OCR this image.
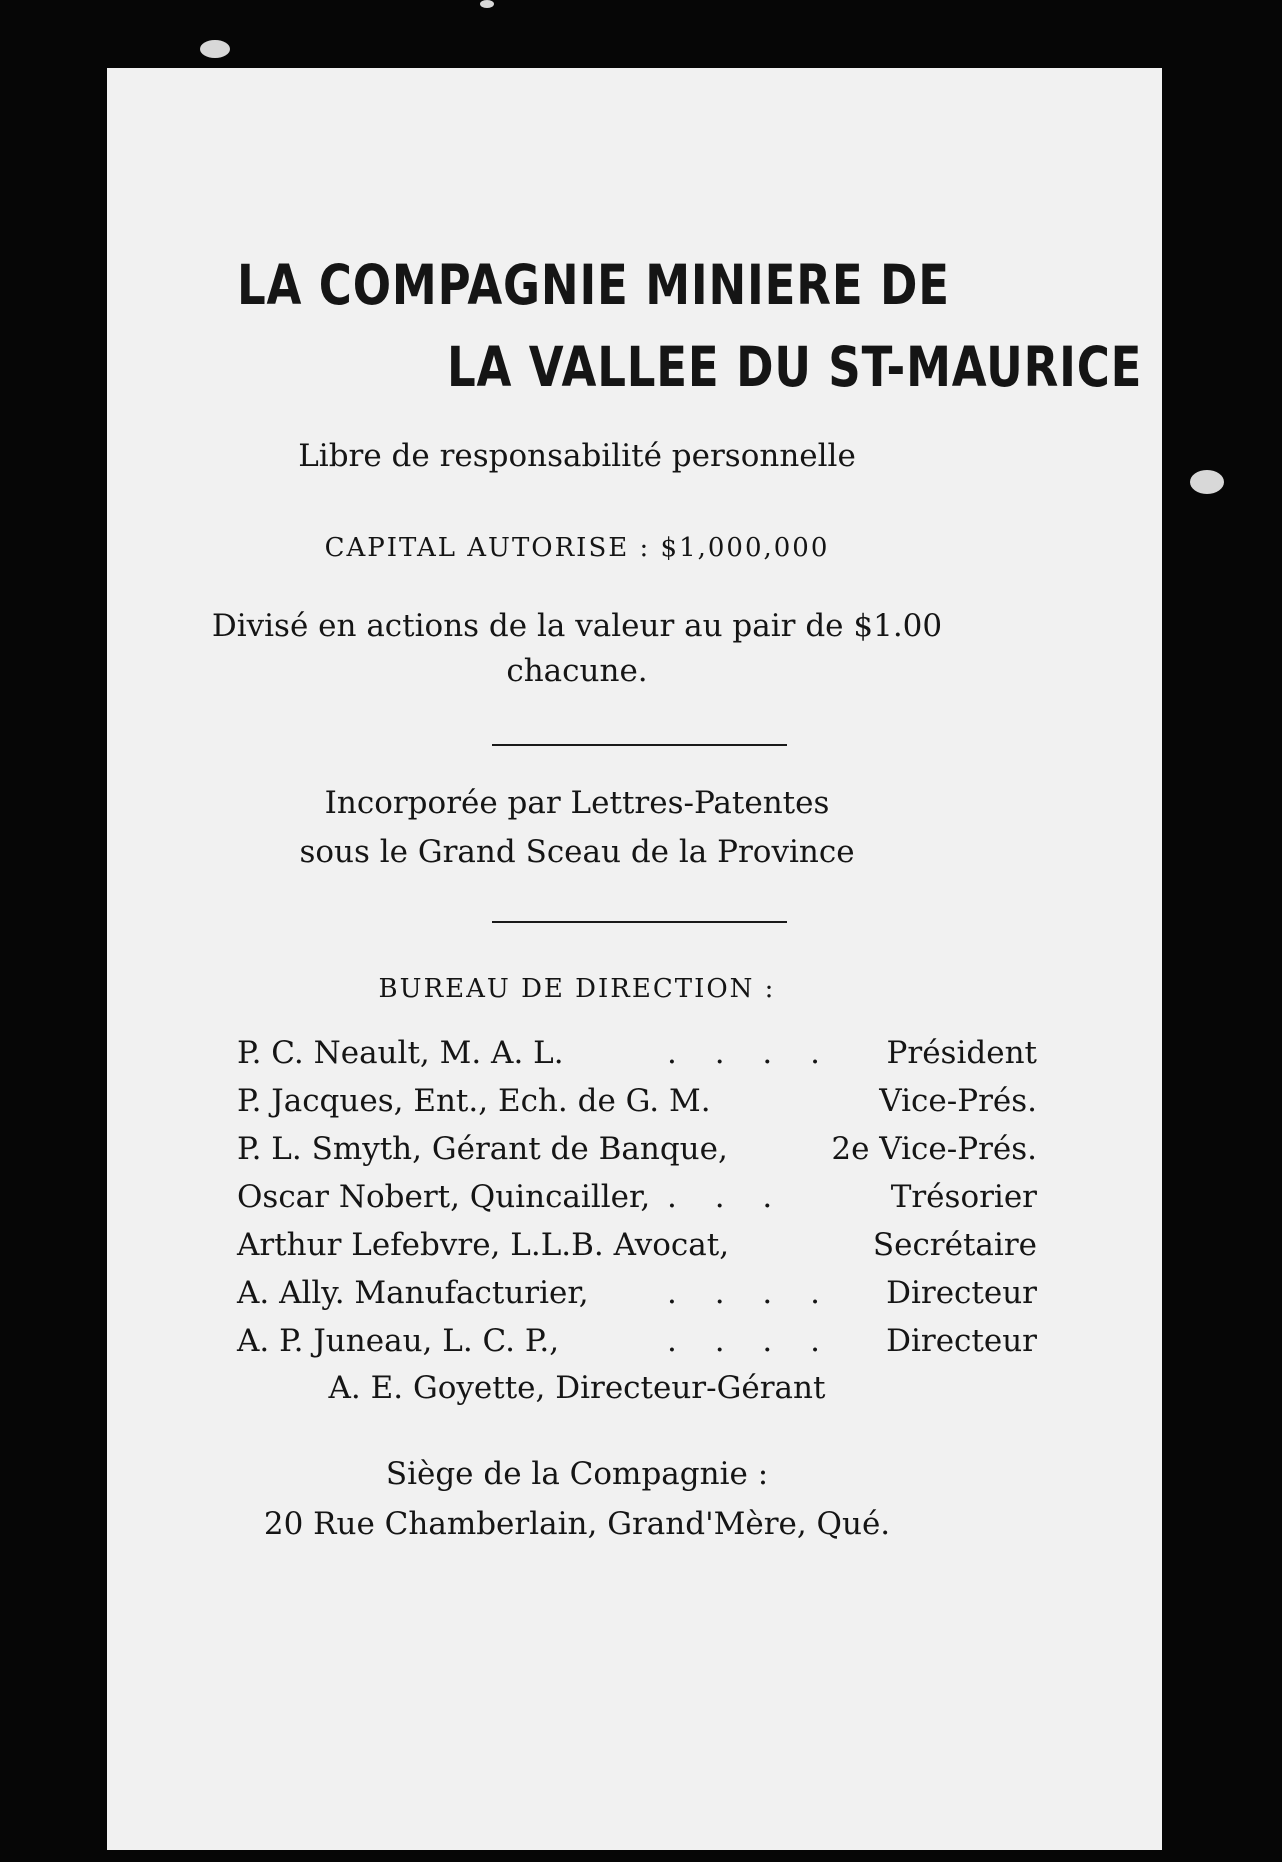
LA COMPAGNIE MINIERE DE
LA VALLEE DU ST-MAURICE
Libre de responsabilité personnelle
CAPITAL AUTORISE : $1,000,000
Divisé en actions de la valeur au pair de $1.00
chacune.
Incorporée par Lettres-Patentes
sous le Grand Sceau de la Province
BUREAU DE DIRECTION :
P. C. Neault, M. A. L.	. . . . Président
P. Jacques, Ent., Ech. de G. M.	Vice-Prés.
P. L. Smyth, Gérant de Banque,	2e Vice-Prés.
Oscar Nobert, Quincailler, . . .	Trésorier
Arthur Lefebvre, L.L.B. Avocat,	Secrétaire
A. Ally. Manufacturier,	. . . . Directeur
A. P. Juneau, L. C. P.,	. . . . Directeur
A. E. Goyette, Directeur-Gérant
Siège de la Compagnie :
20 Rue Chamberlain, Grand'Mère, Qué.
